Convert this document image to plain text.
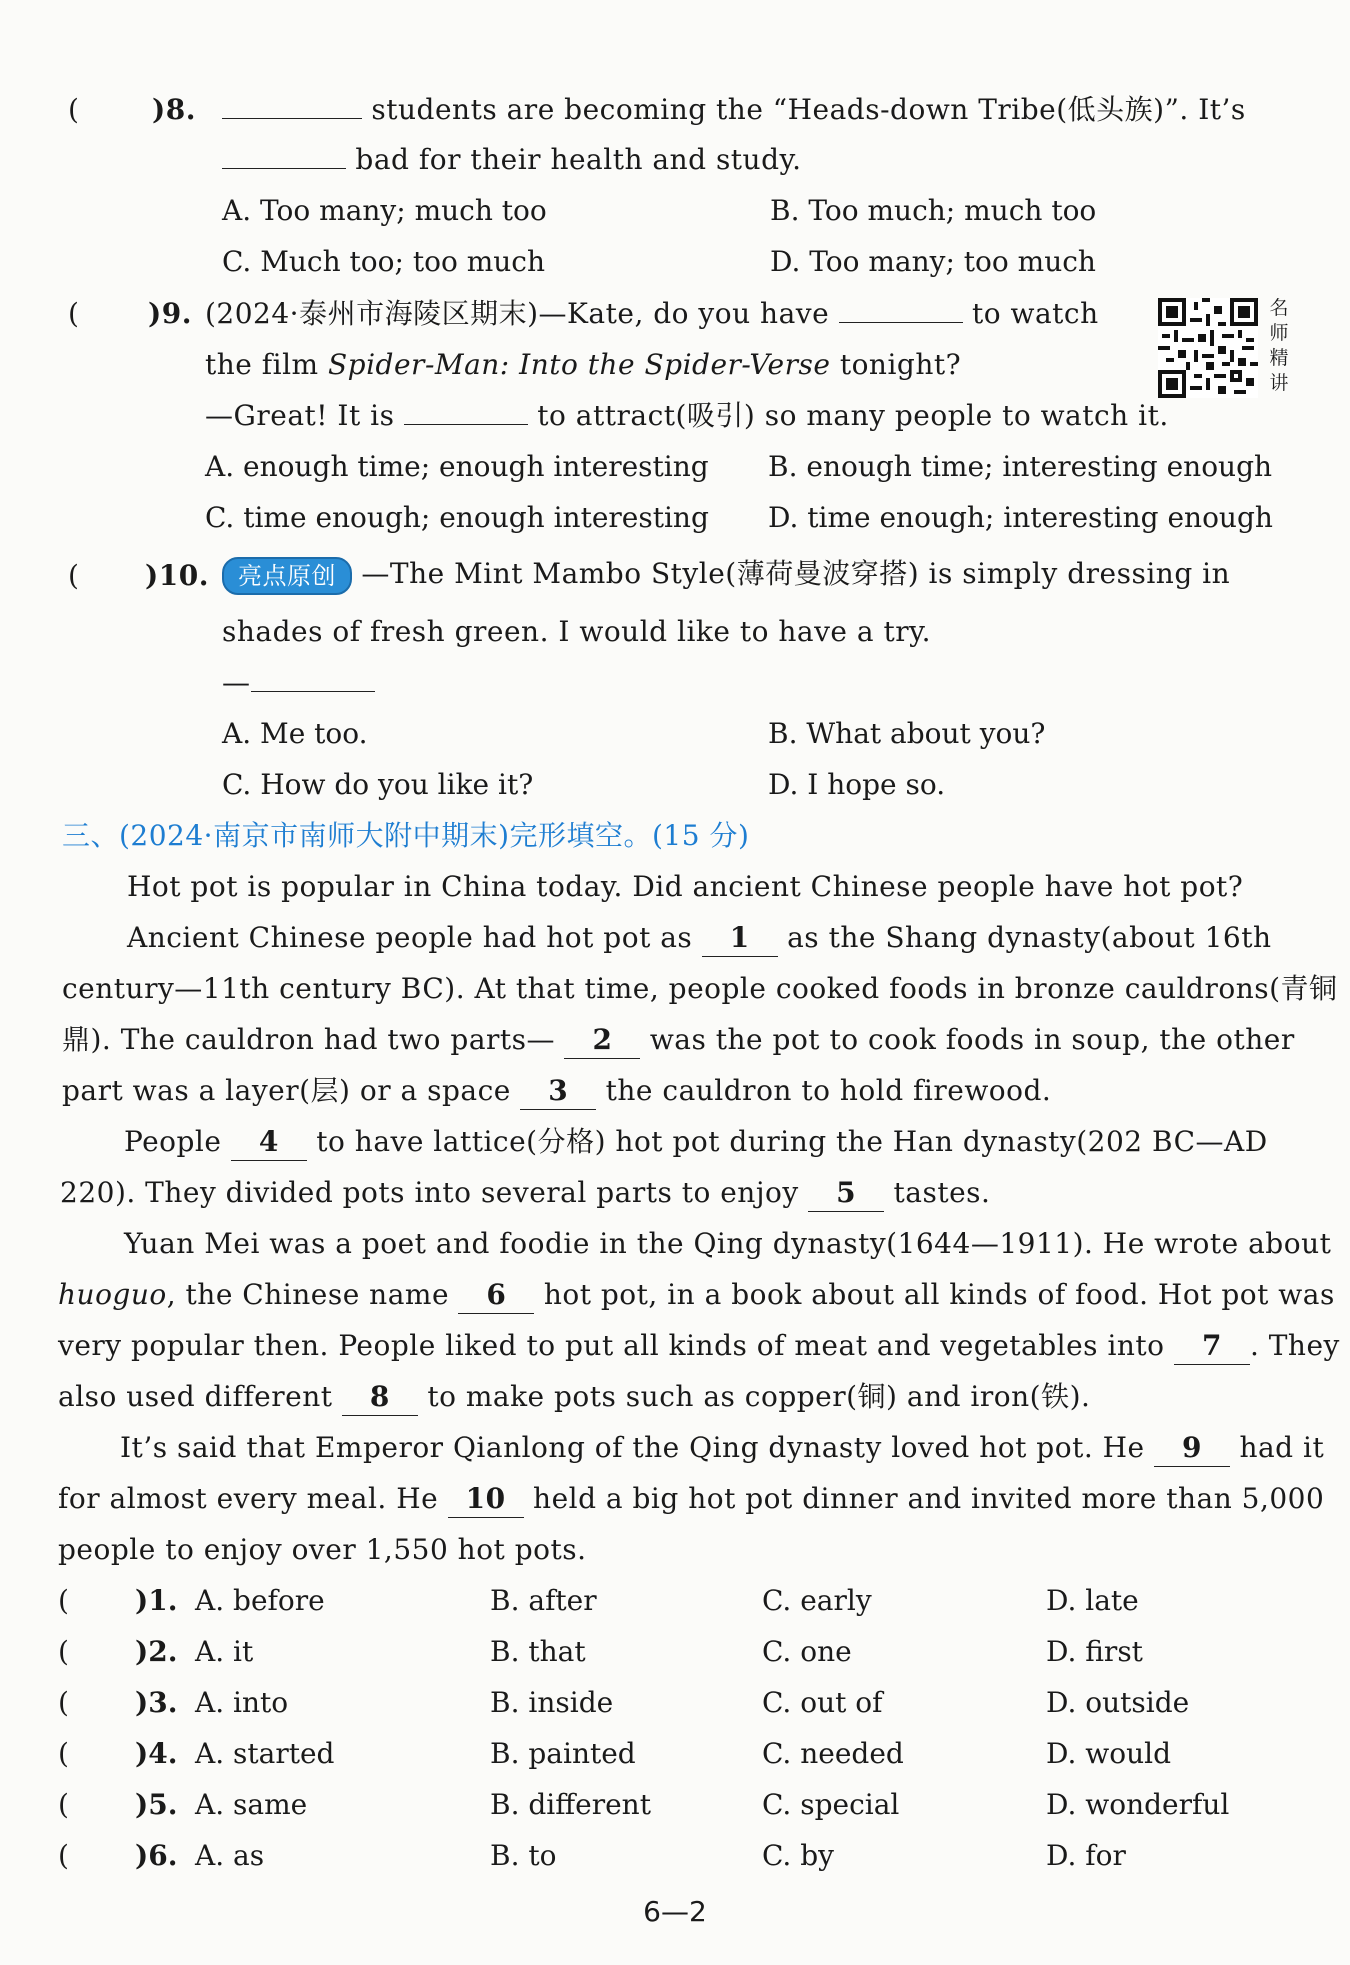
(	)8.	students are becoming the “Heads-down Tribe(低头族)”. It’s
bad for their health and study.
A. Too many; much too	B. Too much; much too
C. Much too; too much	D. Too many; too much
( )9. (2024·泰州市海陵区期末)—Kate, do you have	to watch
the film Spider-Man: Into the Spider-Verse tonight?
—Great! It is	to attract(吸引) so many people to watch it.
A. enough time; enough interesting B. enough time; interesting enough
C. time enough; enough interesting D. time enough; interesting enough
名
师
精
讲
( )10.	亮点原创 —The Mint Mambo Style(薄荷曼波穿搭) is simply dressing in
shades of fresh green. I would like to have a try.
—
A. Me too.	B. What about you?
C. How do you like it?	D. I hope so.
三、(2024·南京市南师大附中期末)完形填空。(15 分)
Hot pot is popular in China today. Did ancient Chinese people have hot pot?
Ancient Chinese people had hot pot as 1 as the Shang dynasty(about 16th
century—11th century BC). At that time, people cooked foods in bronze cauldrons(青铜
鼎). The cauldron had two parts— 2 was the pot to cook foods in soup, the other
part was a layer(层) or a space 3 the cauldron to hold firewood.
People 4 to have lattice(分格) hot pot during the Han dynasty(202 BC—AD
220). They divided pots into several parts to enjoy 5 tastes.
Yuan Mei was a poet and foodie in the Qing dynasty(1644—1911). He wrote about
huoguo, the Chinese name 6 hot pot, in a book about all kinds of food. Hot pot was
very popular then. People liked to put all kinds of meat and vegetables into 7 . They
also used different 8 to make pots such as copper(铜) and iron(铁).
It’s said that Emperor Qianlong of the Qing dynasty loved hot pot. He 9 had it
for almost every meal. He 10 held a big hot pot dinner and invited more than 5,000
people to enjoy over 1,550 hot pots.
( )1. A. before	B. after	C. early	D. late
( )2. A. it	B. that	C. one	D. first
( )3. A. into	B. inside	C. out of	D. outside
( )4. A. started	B. painted	C. needed	D. would
( )5. A. same	B. different	C. special	D. wonderful
( )6. A. as	B. to	C. by	D. for
6—2
